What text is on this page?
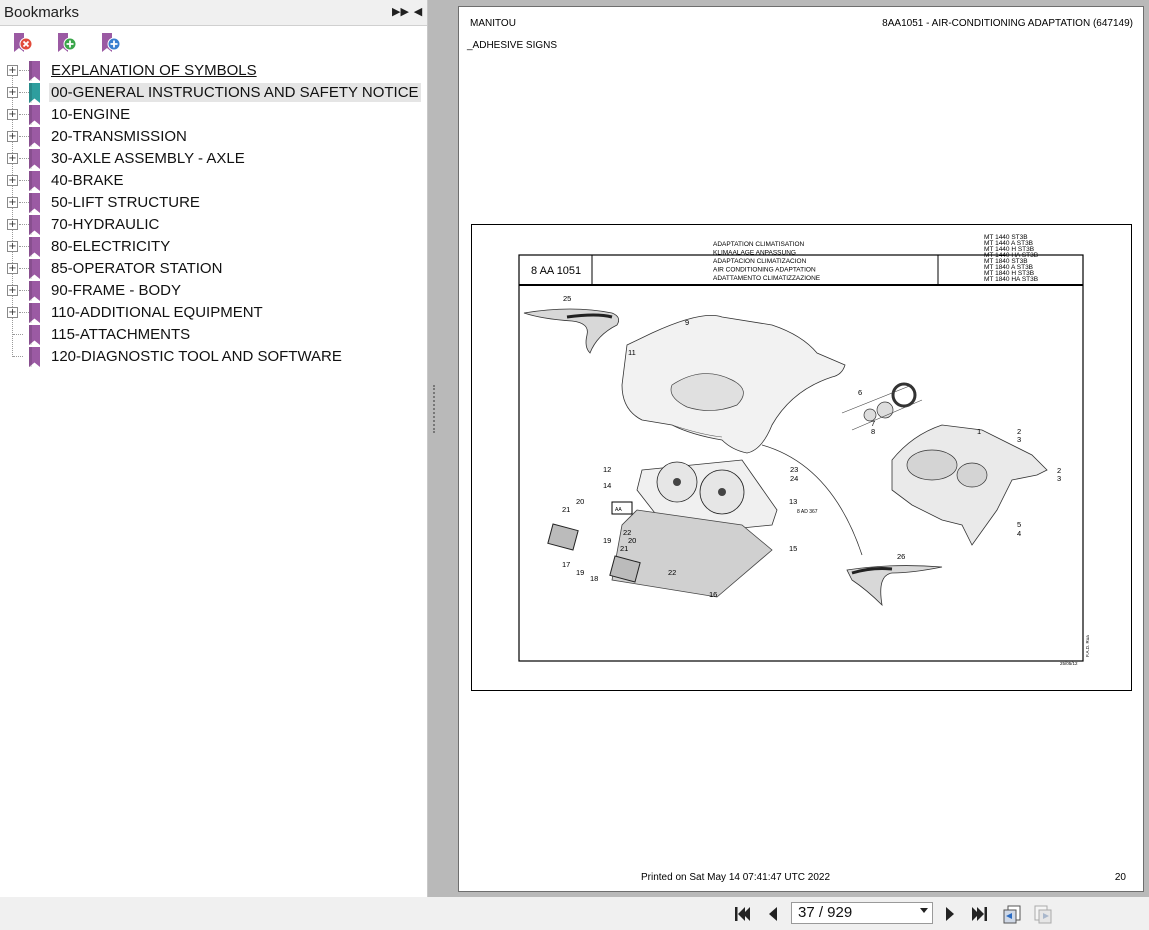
Bookmarks	▶▶ ◀
+ EXPLANATION OF SYMBOLS
+ 00-GENERAL INSTRUCTIONS AND SAFETY NOTICE
+ 10-ENGINE
+ 20-TRANSMISSION
+ 30-AXLE ASSEMBLY - AXLE
+ 40-BRAKE
+ 50-LIFT STRUCTURE
+ 70-HYDRAULIC
+ 80-ELECTRICITY
+ 85-OPERATOR STATION
+ 90-FRAME - BODY
+ 110-ADDITIONAL EQUIPMENT
115-ATTACHMENTS
120-DIAGNOSTIC TOOL AND SOFTWARE
MANITOU	8AA1051 - AIR-CONDITIONING ADAPTATION (647149)
_ADHESIVE SIGNS
8 AA 1051
ADAPTATION CLIMATISATION
KLIMAALAGE ANPASSUNG
ADAPTACION CLIMATIZACION
AIR CONDITIONING ADAPTATION
ADATTAMENTO CLIMATIZZAZIONE
MT 1440 ST3B
MT 1440 A ST3B
MT 1440 H ST3B
MT 1440 HA ST3B
MT 1840 ST3B
MT 1840 A ST3B
MT 1840 H ST3B
MT 1840 HA ST3B
AA
25
9
11
6
7
8	1	2
3
2
3
12	23
24
14
13
8 AD 367
20
21
22
15
19 20
21
17
22
19
18
26
16
5
4
25/05/12
F.A.D. Rua
Printed on Sat May 14 07:41:47 UTC 2022	20
37 / 929
